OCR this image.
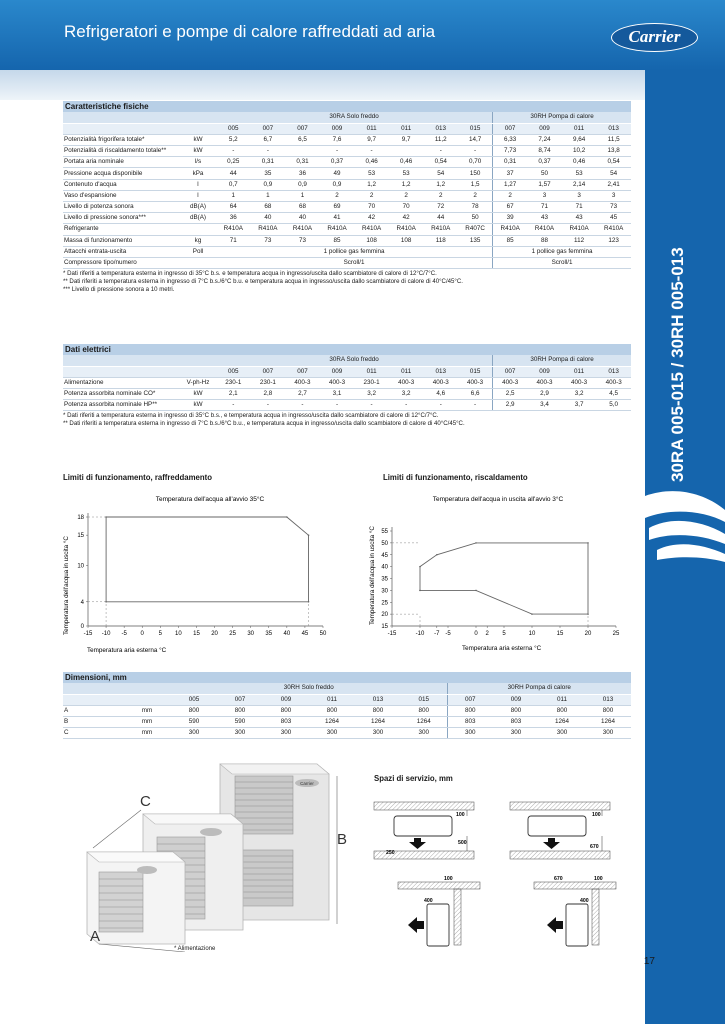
Refrigeratori e pompe di calore raffreddati ad aria	Carrier
30RA 005-015 / 30RH 005-013
Caratteristiche fisiche
		30RA Solo freddo								30RH Pompa di calore			
		005	007	007	009	011	011	013	015	007	009	011	013
Potenzialità frigorifera totale*	kW	5,2	6,7	6,5	7,6	9,7	9,7	11,2	14,7	6,33	7,24	9,64	11,5
Potenzialità di riscaldamento totale**	kW	-	-		-	-		-	-	7,73	8,74	10,2	13,8
Portata aria nominale	l/s	0,25	0,31	0,31	0,37	0,46	0,46	0,54	0,70	0,31	0,37	0,46	0,54
Pressione acqua disponibile	kPa	44	35	36	49	53	53	54	150	37	50	53	54
Contenuto d'acqua	l	0,7	0,9	0,9	0,9	1,2	1,2	1,2	1,5	1,27	1,57	2,14	2,41
Vaso d'espansione	l	1	1	1	2	2	2	2	2	2	3	3	3
Livello di potenza sonora	dB(A)	64	68	68	69	70	70	72	78	67	71	71	73
Livello di pressione sonora***	dB(A)	36	40	40	41	42	42	44	50	39	43	43	45
Refrigerante		R410A	R410A	R410A	R410A	R410A	R410A	R410A	R407C	R410A	R410A	R410A	R410A
Massa di funzionamento	kg	71	73	73	85	108	108	118	135	85	88	112	123
Attacchi entrata-uscita	Poll	1 pollice gas femmina								1 pollice gas femmina			
Compressore tipo/numero		Scroll/1								Scroll/1			
* Dati riferiti a temperatura esterna in ingresso di 35°C b.s. e temperatura acqua in ingresso/uscita dallo scambiatore di calore di 12°C/7°C.
** Dati riferiti a temperatura esterna in ingresso di 7°C b.s./6°C b.u. e temperatura acqua in ingresso/uscita dallo scambiatore di calore di 40°C/45°C.
*** Livello di pressione sonora a 10 metri.
Dati elettrici
		30RA Solo freddo								30RH Pompa di calore			
		005	007	007	009	011	011	013	015	007	009	011	013
Alimentazione	V-ph-Hz	230-1	230-1	400-3	400-3	230-1	400-3	400-3	400-3	400-3	400-3	400-3	400-3
Potenza assorbita nominale CO*	kW	2,1	2,8	2,7	3,1	3,2	3,2	4,6	6,6	2,5	2,9	3,2	4,5
Potenza assorbita nominale HP**	kW	-	-	-	-	-	-	-	-	2,9	3,4	3,7	5,0
* Dati riferiti a temperatura esterna in ingresso di 35°C b.s., e temperatura acqua in ingresso/uscita dallo scambiatore di calore di 12°C/7°C.
** Dati riferiti a temperatura esterna in ingresso di 7°C b.s./6°C b.u., e temperatura acqua in ingresso/uscita dallo scambiatore di calore di 40°C/45°C.
Limiti di funzionamento, raffreddamento	Limiti di funzionamento, riscaldamento
Temperatura dell'acqua all'avvio 35°C
-15 -10 -5 0 5 10 15 20 25 30 35 40 45 50
0
4
10
15
18
Temperatura aria esterna °C
Temperatura dell'acqua in uscita °C
Temperatura dell'acqua in uscita all'avvio 3°C
-15	-10 -7 -5	0 2 5	10	15	20	25
15
20
25
30
35
40
45
50
55
Temperatura aria esterna °C
Temperatura dell'acqua in uscita °C
Dimensioni, mm
		30RH Solo freddo						30RH Pompa di calore			
		005	007	009	011	013	015	007	009	011	013
A	mm	800	800	800	800	800	800	800	800	800	800
B	mm	590	590	803	1264	1264	1264	803	803	1264	1264
C	mm	300	300	300	300	300	300	300	300	300	300
Carrier
C
B
A
* Alimentazione
Spazi di servizio, mm
100
500
250
100
670
100
400
670	100
400
17
